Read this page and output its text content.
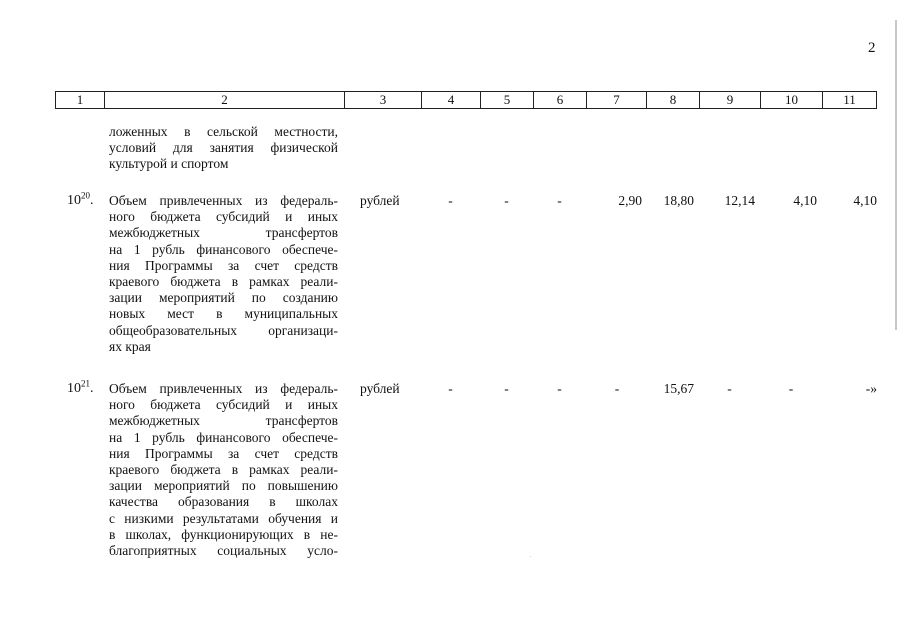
2
1	2	3	4	5	6	7	8	9	10	11
ложенных в сельской местности,
условий для занятия физической
культурой и спортом
$10^{20}$. Объем привлеченных из федераль-
ного бюджета субсидий и иных
межбюджетных трансфертов
на 1 рубль финансового обеспече-
ния Программы за счет средств
краевого бюджета в рамках реали-
зации мероприятий по созданию
новых мест в муниципальных
общеобразовательных организаци-
ях края
рублей	-	-	-	2,90	18,80	12,14	4,10	4,10
$10^{21}$. Объем привлеченных из федераль-
ного бюджета субсидий и иных
межбюджетных трансфертов
на 1 рубль финансового обеспече-
ния Программы за счет средств
краевого бюджета в рамках реали-
зации мероприятий по повышению
качества образования в школах
с низкими результатами обучения и
в школах, функционирующих в не-
благоприятных социальных усло-
рублей	-	-	-	-	15,67	-	-	-»
